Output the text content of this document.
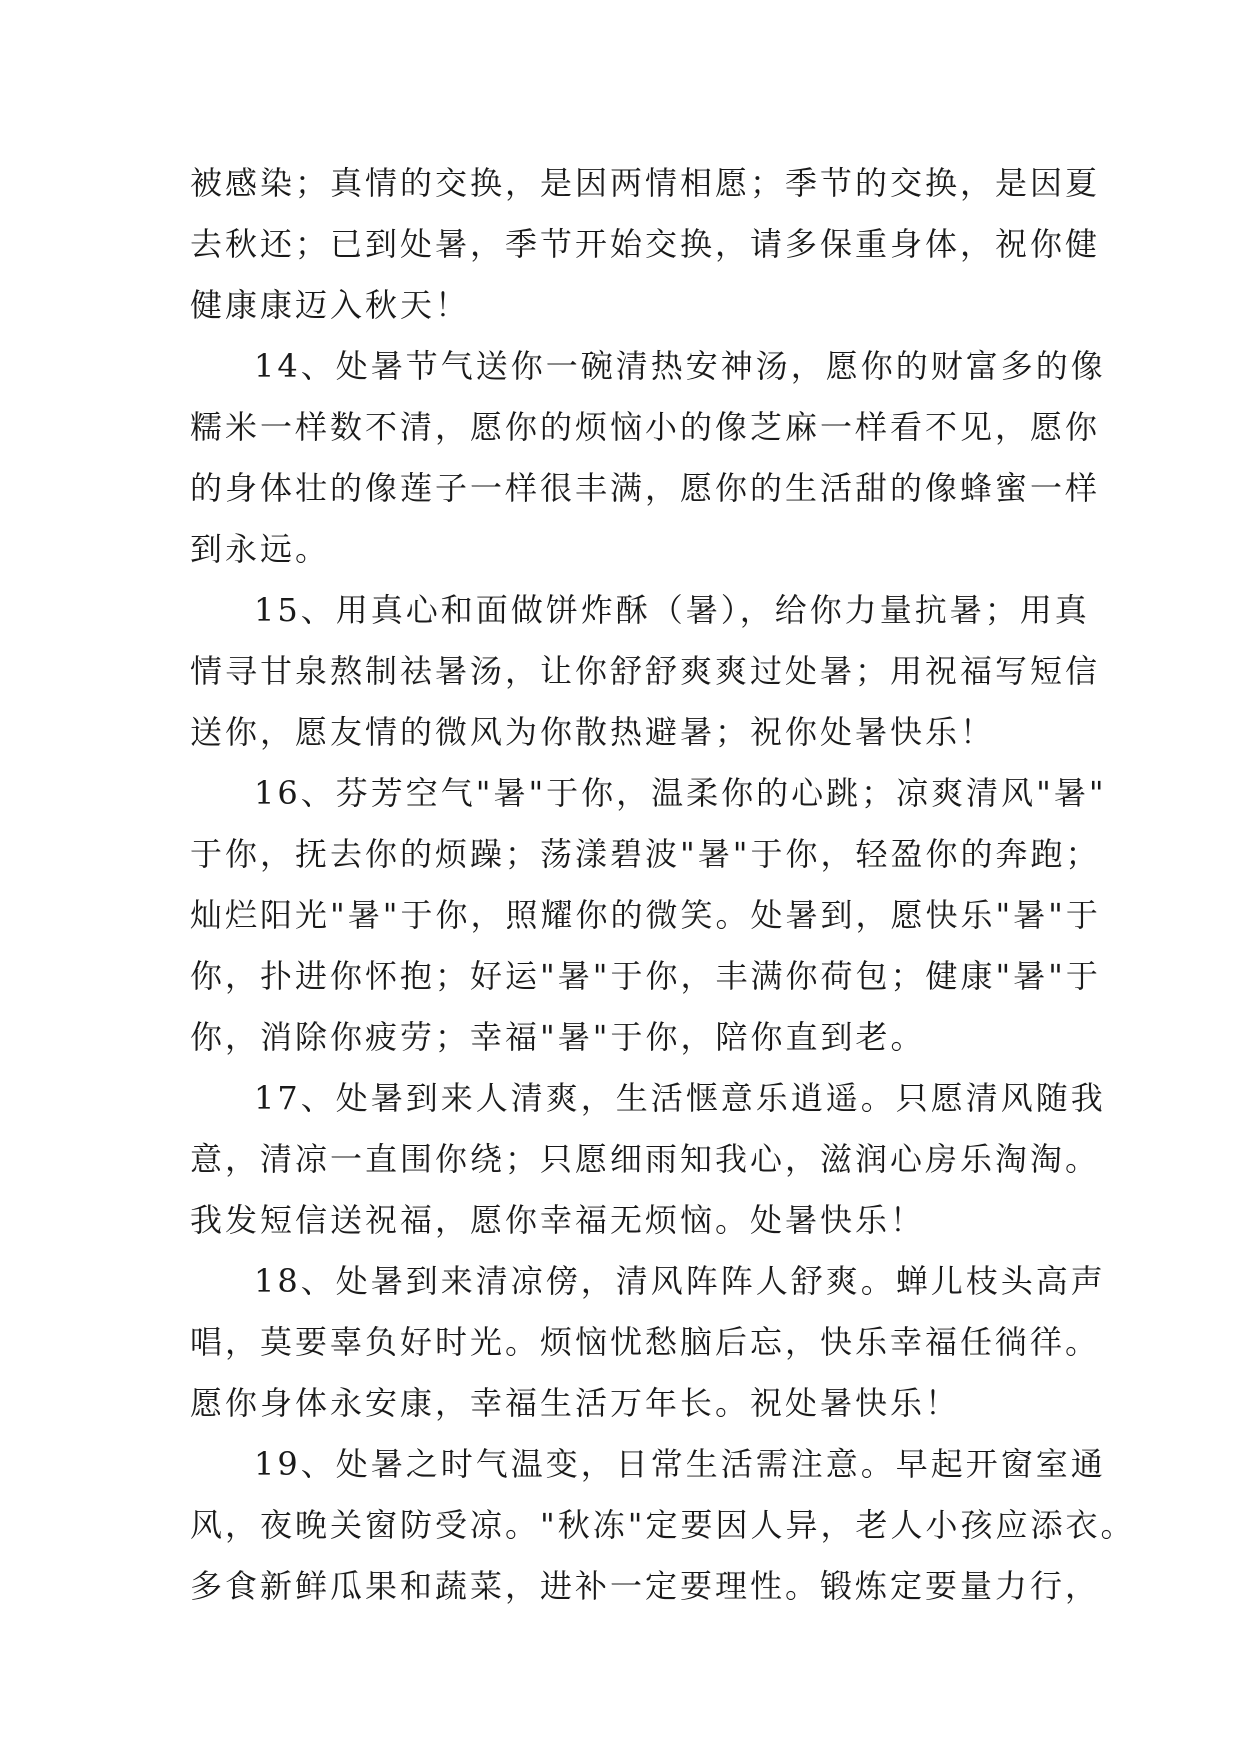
被感染；真情的交换，是因两情相愿；季节的交换，是因夏
去秋还；已到处暑，季节开始交换，请多保重身体，祝你健
健康康迈入秋天！
14、处暑节气送你一碗清热安神汤，愿你的财富多的像
糯米一样数不清，愿你的烦恼小的像芝麻一样看不见，愿你
的身体壮的像莲子一样很丰满，愿你的生活甜的像蜂蜜一样
到永远。
15、用真心和面做饼炸酥（暑），给你力量抗暑；用真
情寻甘泉熬制祛暑汤，让你舒舒爽爽过处暑；用祝福写短信
送你，愿友情的微风为你散热避暑；祝你处暑快乐！
16、芬芳空气"暑"于你，温柔你的心跳；凉爽清风"暑"
于你，抚去你的烦躁；荡漾碧波"暑"于你，轻盈你的奔跑；
灿烂阳光"暑"于你，照耀你的微笑。处暑到，愿快乐"暑"于
你，扑进你怀抱；好运"暑"于你，丰满你荷包；健康"暑"于
你，消除你疲劳；幸福"暑"于你，陪你直到老。
17、处暑到来人清爽，生活惬意乐逍遥。只愿清风随我
意，清凉一直围你绕；只愿细雨知我心，滋润心房乐淘淘。
我发短信送祝福，愿你幸福无烦恼。处暑快乐！
18、处暑到来清凉傍，清风阵阵人舒爽。蝉儿枝头高声
唱，莫要辜负好时光。烦恼忧愁脑后忘，快乐幸福任徜徉。
愿你身体永安康，幸福生活万年长。祝处暑快乐！
19、处暑之时气温变，日常生活需注意。早起开窗室通
风，夜晚关窗防受凉。"秋冻"定要因人异，老人小孩应添衣。
多食新鲜瓜果和蔬菜，进补一定要理性。锻炼定要量力行，
